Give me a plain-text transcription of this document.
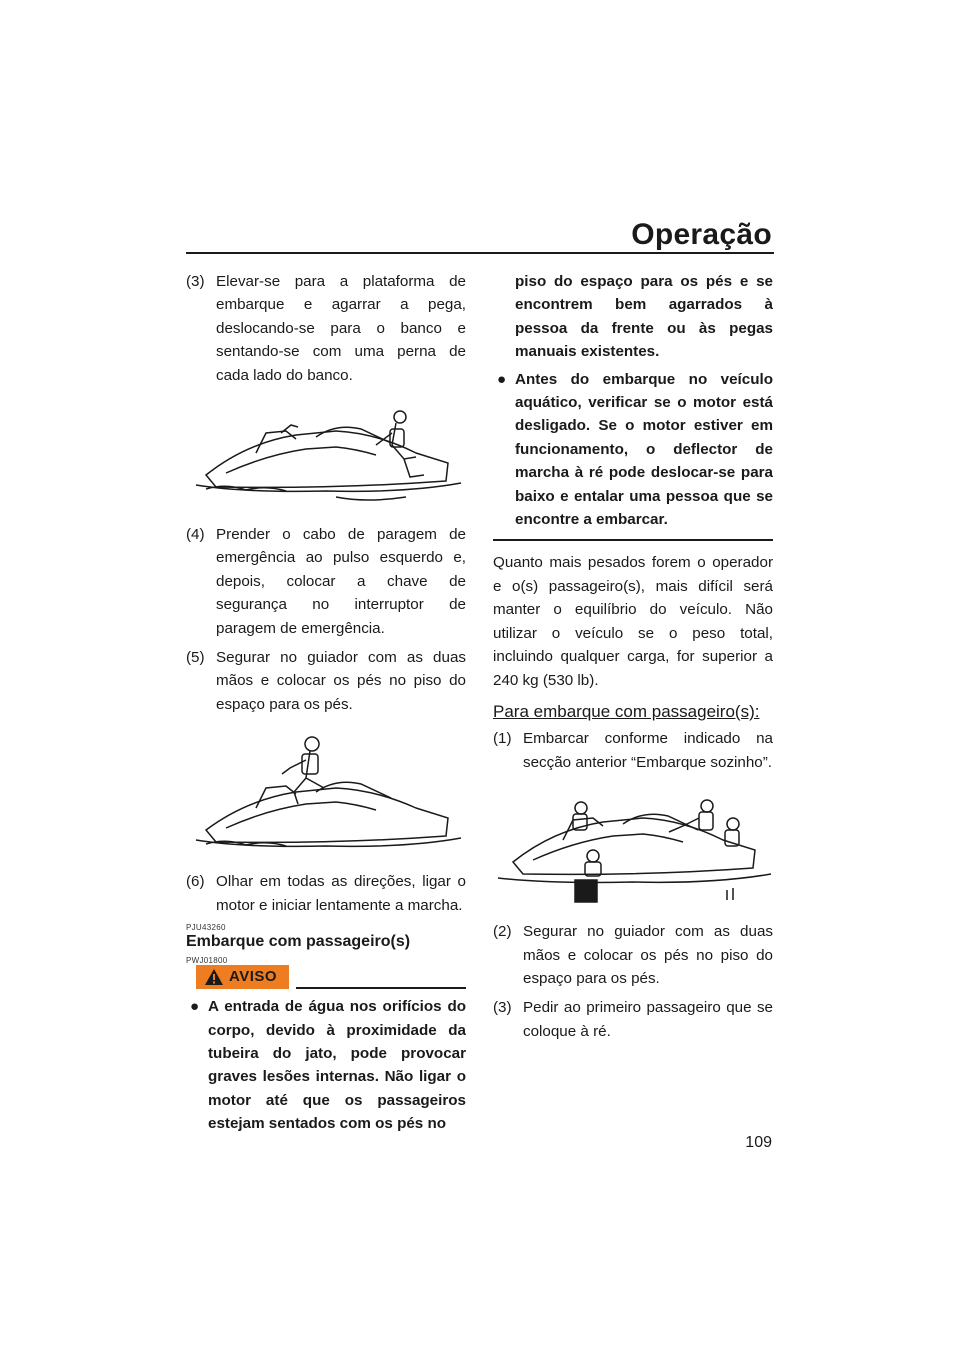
Operação
(3) Elevar-se para a plataforma de embarque e agarrar a pega, deslocando-se para o banco e sentando-se com uma perna de cada lado do banco.
(4) Prender o cabo de paragem de emergência ao pulso esquerdo e, depois, colocar a chave de segurança no interruptor de paragem de emergência.
(5) Segurar no guiador com as duas mãos e colocar os pés no piso do espaço para os pés.
(6) Olhar em todas as direções, ligar o motor e iniciar lentamente a marcha.
PJU43260
Embarque com passageiro(s)
PWJ01800
AVISO
● A entrada de água nos orifícios do corpo, devido à proximidade da tubeira do jato, pode provocar graves lesões internas. Não ligar o motor até que os passageiros estejam sentados com os pés no
piso do espaço para os pés e se encontrem bem agarrados à pessoa da frente ou às pegas manuais existentes.
● Antes do embarque no veículo aquático, verificar se o motor está desligado. Se o motor estiver em funcionamento, o deflector de marcha à ré pode deslocar-se para baixo e entalar uma pessoa que se encontre a embarcar.

Quanto mais pesados forem o operador e o(s) passageiro(s), mais difícil será manter o equilíbrio do veículo. Não utilizar o veículo se o peso total, incluindo qualquer carga, for superior a 240 kg (530 lb).

Para embarque com passageiro(s):
(1) Embarcar conforme indicado na secção anterior “Embarque sozinho”.
(2) Segurar no guiador com as duas mãos e colocar os pés no piso do espaço para os pés.
(3) Pedir ao primeiro passageiro que se coloque à ré.
109
